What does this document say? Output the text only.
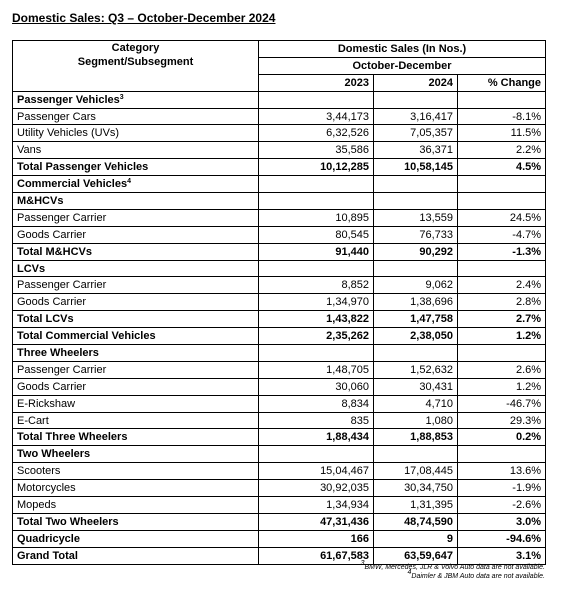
Domestic Sales: Q3 – October-December 2024
Category
Segment/Subsegment	Domestic Sales (In Nos.)		
	October-December		
	2023	2024	% Change
Passenger Vehicles$^3$			
Passenger Cars	3,44,173	3,16,417	-8.1%
Utility Vehicles (UVs)	6,32,526	7,05,357	11.5%
Vans	35,586	36,371	2.2%
Total Passenger Vehicles	10,12,285	10,58,145	4.5%
Commercial Vehicles$^4$			
M&HCVs			
Passenger Carrier	10,895	13,559	24.5%
Goods Carrier	80,545	76,733	-4.7%
Total M&HCVs	91,440	90,292	-1.3%
LCVs			
Passenger Carrier	8,852	9,062	2.4%
Goods Carrier	1,34,970	1,38,696	2.8%
Total LCVs	1,43,822	1,47,758	2.7%
Total Commercial Vehicles	2,35,262	2,38,050	1.2%
Three Wheelers			
Passenger Carrier	1,48,705	1,52,632	2.6%
Goods Carrier	30,060	30,431	1.2%
E-Rickshaw	8,834	4,710	-46.7%
E-Cart	835	1,080	29.3%
Total Three Wheelers	1,88,434	1,88,853	0.2%
Two Wheelers			
Scooters	15,04,467	17,08,445	13.6%
Motorcycles	30,92,035	30,34,750	-1.9%
Mopeds	1,34,934	1,31,395	-2.6%
Total Two Wheelers	47,31,436	48,74,590	3.0%
Quadricycle	166	9	-94.6%
Grand Total	61,67,583	63,59,647	3.1%
$^3$BMW, Mercedes, JLR & Volvo Auto data are not available.
$^4$Daimler & JBM Auto data are not available.
